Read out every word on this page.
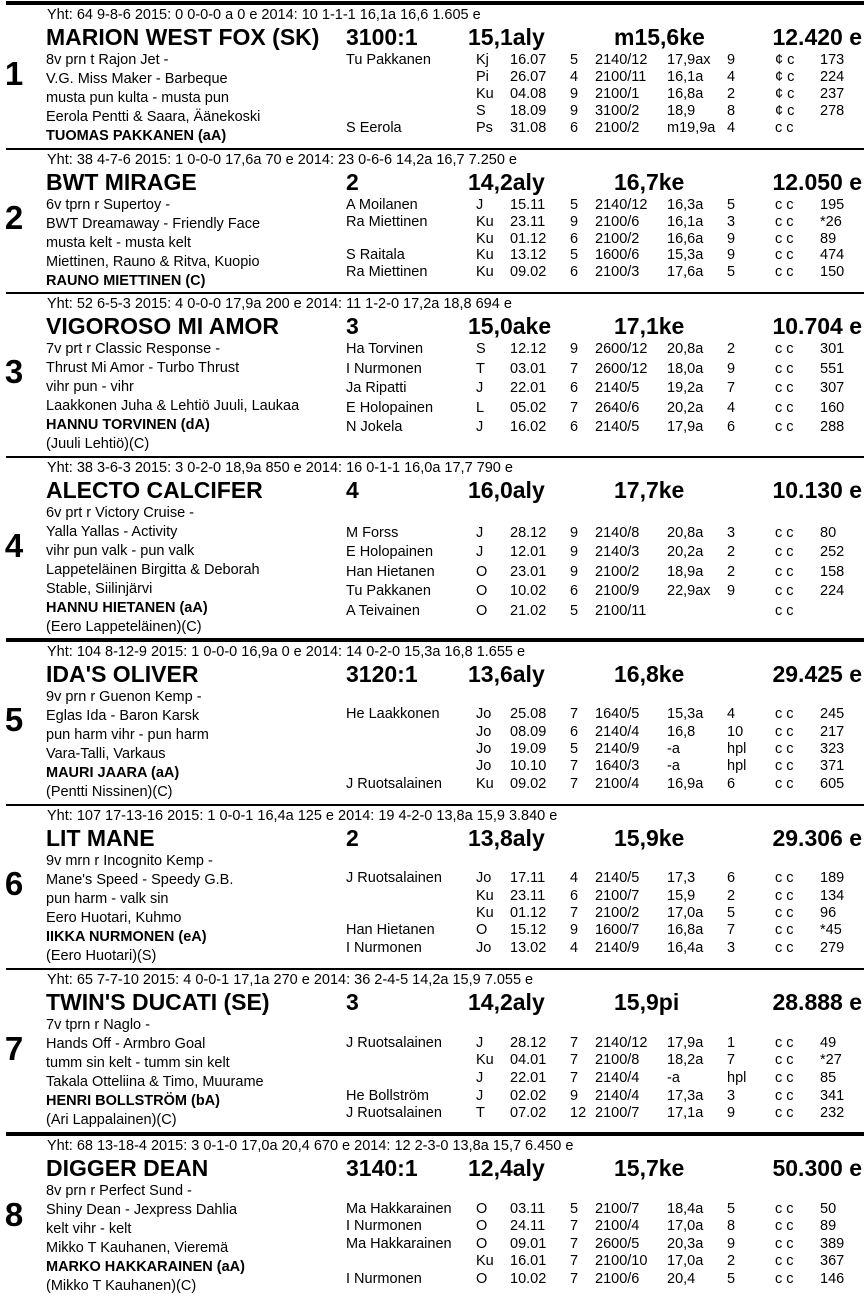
Yht: 64 9-8-6 2015: 0 0-0-0 a 0 e 2014: 10 1-1-1 16,1a 16,6 1.605 e
1
MARION WEST FOX (SK) 3100:1 15,1aly	m15,6ke	12.420 e
8v prn t Rajon Jet -
V.G. Miss Maker - Barbeque
musta pun kulta - musta pun
Eerola Pentti & Saara, Äänekoski
TUOMAS PAKKANEN (aA)
Tu Pakkanen	Kj 16.07 5 2140/12 17,9ax 9	¢ c 173
Pi 26.07 4 2100/11 16,1a 4	¢ c 224
Ku 04.08 9 2100/1 16,8a 2	¢ c 237
S 18.09 9 3100/2 18,9 8	¢ c 278
S Eerola	Ps 31.08 6 2100/2 m19,9a 4	c c
Yht: 38 4-7-6 2015: 1 0-0-0 17,6a 70 e 2014: 23 0-6-6 14,2a 16,7 7.250 e
2
BWT MIRAGE	2	14,2aly	16,7ke	12.050 e
6v tprn r Supertoy -
BWT Dreamaway - Friendly Face
musta kelt - musta kelt
Miettinen, Rauno & Ritva, Kuopio
RAUNO MIETTINEN (C)
A Moilanen	J 15.11 5 2140/12 16,3a 5	c c 195
Ra Miettinen	Ku 23.11 9 2100/6 16,1a 3	c c *26
Ku 01.12 6 2100/2 16,6a 9	c c 89
S Raitala	Ku 13.12 5 1600/6 15,3a 9	c c 474
Ra Miettinen	Ku 09.02 6 2100/3 17,6a 5	c c 150
Yht: 52 6-5-3 2015: 4 0-0-0 17,9a 200 e 2014: 11 1-2-0 17,2a 18,8 694 e
3
VIGOROSO MI AMOR	3	15,0ake	17,1ke	10.704 e
7v prt r Classic Response -
Thrust Mi Amor - Turbo Thrust
vihr pun - vihr
Laakkonen Juha & Lehtiö Juuli, Laukaa
HANNU TORVINEN (dA)
(Juuli Lehtiö)(C)
Ha Torvinen	S 12.12 9 2600/12 20,8a 2	c c 301
I Nurmonen	T 03.01 7 2600/12 18,0a 9	c c 551
Ja Ripatti	J 22.01 6 2140/5 19,2a 7	c c 307
E Holopainen	L 05.02 7 2640/6 20,2a 4	c c 160
N Jokela	J 16.02 6 2140/5 17,9a 6	c c 288
Yht: 38 3-6-3 2015: 3 0-2-0 18,9a 850 e 2014: 16 0-1-1 16,0a 17,7 790 e
4
ALECTO CALCIFER	4	16,0aly	17,7ke	10.130 e
6v prt r Victory Cruise -
Yalla Yallas - Activity
vihr pun valk - pun valk
Lappeteläinen Birgitta & Deborah
Stable, Siilinjärvi
HANNU HIETANEN (aA)
(Eero Lappeteläinen)(C)
M Forss	J 28.12 9 2140/8 20,8a 3	c c 80
E Holopainen	J 12.01 9 2140/3 20,2a 2	c c 252
Han Hietanen	O 23.01 9 2100/2 18,9a 2	c c 158
Tu Pakkanen	O 10.02 6 2100/9 22,9ax 9	c c 224
A Teivainen	O 21.02 5 2100/11	c c
Yht: 104 8-12-9 2015: 1 0-0-0 16,9a 0 e 2014: 14 0-2-0 15,3a 16,8 1.655 e
5
IDA'S OLIVER	3120:1 13,6aly	16,8ke	29.425 e
9v prn r Guenon Kemp -
Eglas Ida - Baron Karsk
pun harm vihr - pun harm
Vara-Talli, Varkaus
MAURI JAARA (aA)
(Pentti Nissinen)(C)
He Laakkonen	Jo 25.08 7 1640/5 15,3a 4	c c 245
Jo 08.09 6 2140/4 16,8 10 c c 217
Jo 19.09 5 2140/9 -a	hpl c c 323
Jo 10.10 7 1640/3 -a	hpl c c 371
J Ruotsalainen Ku 09.02 7 2100/4 16,9a 6	c c 605
Yht: 107 17-13-16 2015: 1 0-0-1 16,4a 125 e 2014: 19 4-2-0 13,8a 15,9 3.840 e
6
LIT MANE	2	13,8aly	15,9ke	29.306 e
9v mrn r Incognito Kemp -
Mane's Speed - Speedy G.B.
pun harm - valk sin
Eero Huotari, Kuhmo
IIKKA NURMONEN (eA)
(Eero Huotari)(S)
J Ruotsalainen Jo 17.11 4 2140/5 17,3 6	c c 189
Ku 23.11 6 2100/7 15,9 2	c c 134
Ku 01.12 7 2100/2 17,0a 5	c c 96
Han Hietanen	O 15.12 9 1600/7 16,8a 7	c c *45
I Nurmonen	Jo 13.02 4 2140/9 16,4a 3	c c 279
Yht: 65 7-7-10 2015: 4 0-0-1 17,1a 270 e 2014: 36 2-4-5 14,2a 15,9 7.055 e
7
TWIN'S DUCATI (SE)	3	14,2aly	15,9pi	28.888 e
7v tprn r Naglo -
Hands Off - Armbro Goal
tumm sin kelt - tumm sin kelt
Takala Otteliina & Timo, Muurame
HENRI BOLLSTRÖM (bA)
(Ari Lappalainen)(C)
J Ruotsalainen J 28.12 7 2140/12 17,9a 1	c c 49
Ku 04.01 7 2100/8 18,2a 7	c c *27
J 22.01 7 2140/4 -a	hpl c c 85
He Bollström	J 02.02 9 2140/4 17,3a 3	c c 341
J Ruotsalainen T 07.02 12 2100/7 17,1a 9	c c 232
Yht: 68 13-18-4 2015: 3 0-1-0 17,0a 20,4 670 e 2014: 12 2-3-0 13,8a 15,7 6.450 e
8
DIGGER DEAN	3140:1 12,4aly	15,7ke	50.300 e
8v prn r Perfect Sund -
Shiny Dean - Jexpress Dahlia
kelt vihr - kelt
Mikko T Kauhanen, Vieremä
MARKO HAKKARAINEN (aA)
(Mikko T Kauhanen)(C)
Ma Hakkarainen O 03.11 5 2100/7 18,4a 5	c c 50
I Nurmonen	O 24.11 7 2100/4 17,0a 8	c c 89
Ma Hakkarainen O 09.01 7 2600/5 20,3a 9	c c 389
Ku 16.01 7 2100/10 17,0a 2	c c 367
I Nurmonen	O 10.02 7 2100/6 20,4 5	c c 146
